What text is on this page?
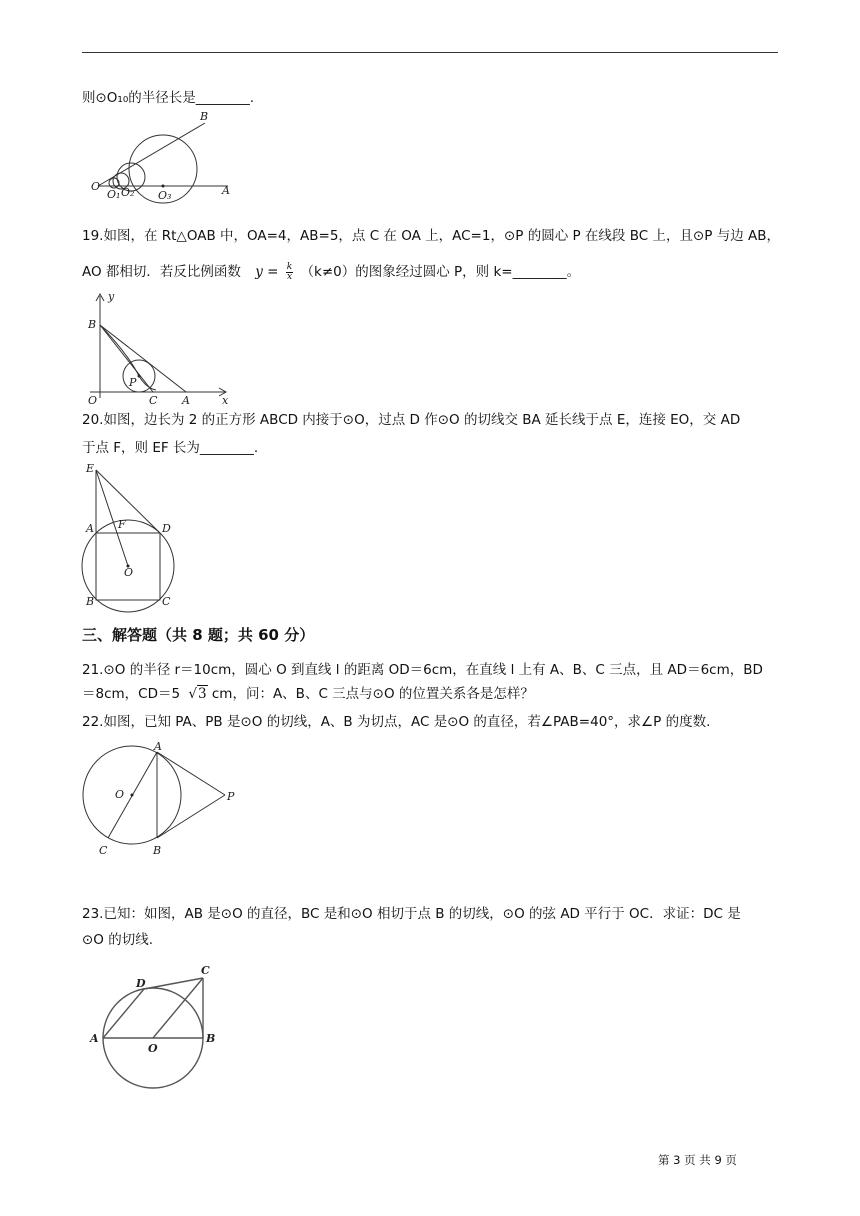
则⊙O₁₀的半径长是________.
B
O	A
O₁ O₂ O₃
19.如图，在 Rt△OAB 中，OA=4，AB=5，点 C 在 OA 上，AC=1，⊙P 的圆心 P 在线段 BC 上，且⊙P 与边 AB，
AO 都相切．若反比例函数 $y = \frac{k}{x} (k\ne 0)$的图象经过圆心 P，则 k=________。
y
x
B
O	C A
P
20.如图，边长为 2 的正方形 ABCD 内接于⊙O，过点 D 作⊙O 的切线交 BA 延长线于点 E，连接 EO，交 AD
于点 F，则 EF 长为________.
E
A F	D
O
B	C
三、解答题（共 8 题；共 60 分）
21.⊙O 的半径 r＝10cm，圆心 O 到直线 l 的距离 OD＝6cm，在直线 l 上有 A、B、C 三点，且 AD＝6cm，BD
＝8cm，CD＝5 √3 cm，问：A、B、C 三点与⊙O 的位置关系各是怎样？
22.如图，已知 PA、PB 是⊙O 的切线，A、B 为切点，AC 是⊙O 的直径，若∠PAB=40°，求∠P 的度数.
A
O	P
C	B
23.已知：如图，AB 是⊙O 的直径，BC 是和⊙O 相切于点 B 的切线，⊙O 的弦 AD 平行于 OC．求证：DC 是
⊙O 的切线.
D
C
A
O
B
第 3 页 共 9 页
